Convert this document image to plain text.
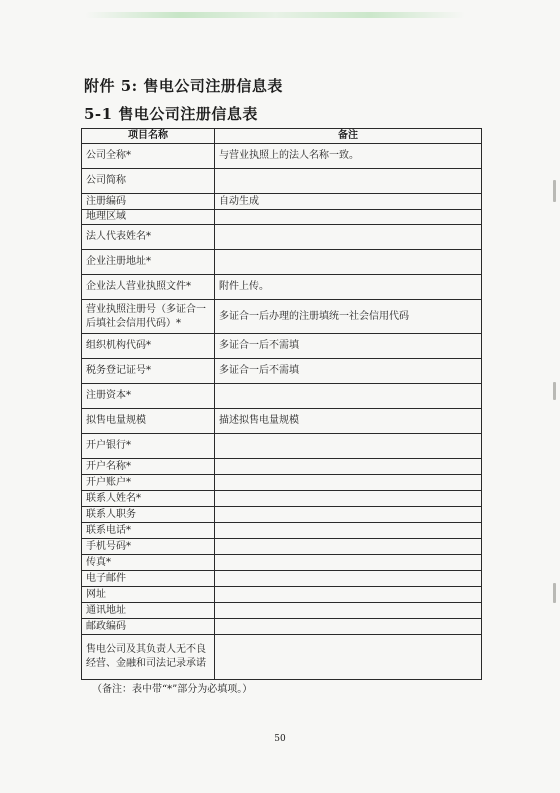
附件 5: 售电公司注册信息表
5-1 售电公司注册信息表
项目名称	备注
公司全称*	与营业执照上的法人名称一致。
公司简称	
注册编码	自动生成
地理区域	
法人代表姓名*	
企业注册地址*	
企业法人营业执照文件*	附件上传。
营业执照注册号（多证合一后填社会信用代码）*	多证合一后办理的注册填统一社会信用代码
组织机构代码*	多证合一后不需填
税务登记证号*	多证合一后不需填
注册资本*	
拟售电量规模	描述拟售电量规模
开户银行*	
开户名称*	
开户账户*	
联系人姓名*	
联系人职务	
联系电话*	
手机号码*	
传真*	
电子邮件	
网址	
通讯地址	
邮政编码	
售电公司及其负责人无不良经营、金融和司法记录承诺	
（备注：表中带“*”部分为必填项。）
50
